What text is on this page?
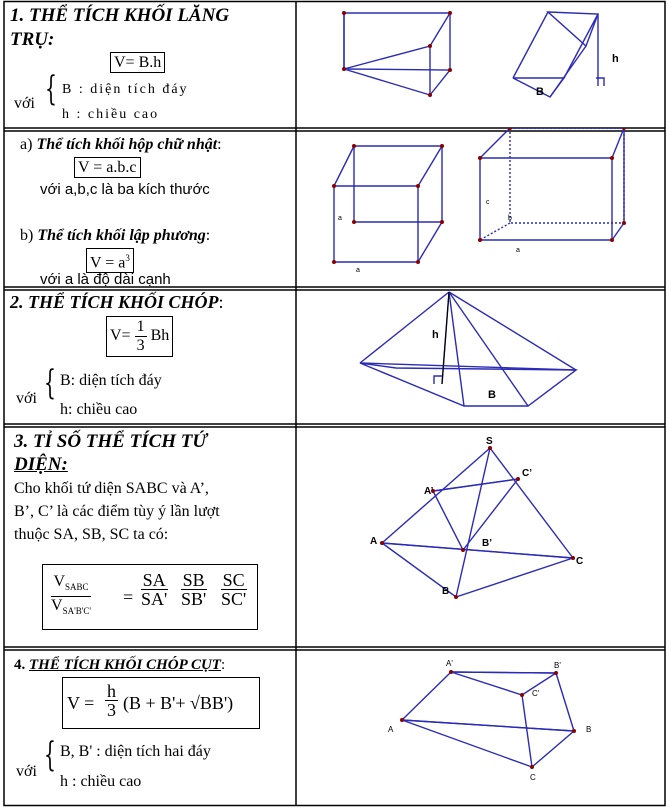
1. THỂ TÍCH KHỐI LĂNG
TRỤ:
V= B.h
với { B : diện tích đáy
h : chiều cao
B
h
a) Thể tích khối hộp chữ nhật:
V = a.b.c
với a,b,c là ba kích thước
b) Thể tích khối lập phương:
$V = a^3$
với a là độ dài cạnh
a
a
c
b
a
2. THỂ TÍCH KHỐI CHÓP:
$V= \frac{1}{3}$ Bh
với { B: diện tích đáy
h: chiều cao
h
B
3. TỈ SỐ THỂ TÍCH TỨ
DIỆN:
Cho khối tứ diện SABC và A’,
B’, C’ là các điểm tùy ý lần lượt
thuộc SA, SB, SC ta có:
$V_{SABC}$
$V_{SA'B'C'}$
= $\frac{SA}{SA'} \frac{SB}{SB'} \frac{SC}{SC'}$
S
A
B
C
A’
B’
C’
4. THỂ TÍCH KHỐI CHÓP CỤT:
$V = \frac{h}{3} (B + B'+ √BB')$
với { B, B' : diện tích hai đáy
h : chiều cao
A	B
C
A'	B'
C'
